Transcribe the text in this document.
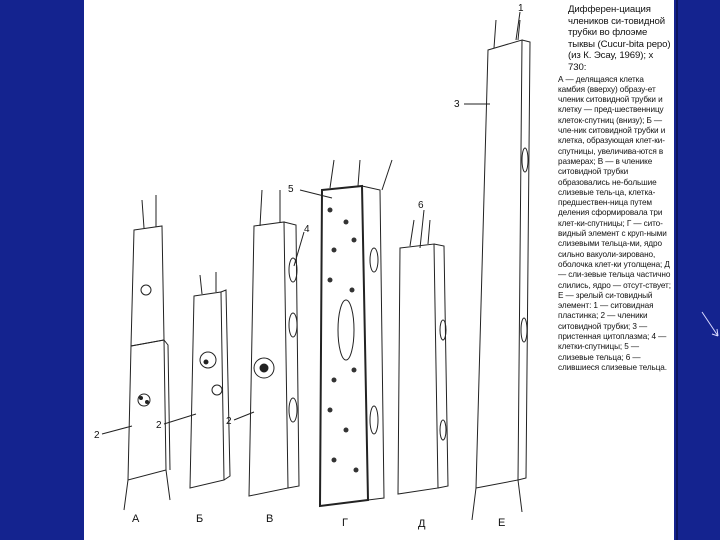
1
3
5
4
6
2
2	2
А	Б	В	Г	Д	Е
Дифферен-циация члеников си-товидной трубки во флоэме тыквы (Cucur-bita pepo) (из К. Эсау, 1969); х 730:
А — делящаяся клетка камбия (вверху) образу-ет членик ситовидной трубки и клетку — пред-шественницу клеток-спутниц (внизу); Б — чле-ник ситовидной трубки и клетка, образующая клет-ки-спутницы, увеличива-ются в размерах; В — в членике ситовидной трубки образовались не-большие слизевые тель-ца, клетка-предшествен-ница путем деления сформировала три клет-ки-спутницы; Г — сито-видный элемент с круп-ными слизевыми тельца-ми, ядро сильно вакуоли-зировано, оболочка клет-ки утолщена; Д — сли-зевые тельца частично слились, ядро — отсут-ствует; Е — зрелый си-товидный элемент: 1 — ситовидная пластинка; 2 — членики ситовидной трубки; 3 — пристенная цитоплазма; 4 — клетки-спутницы; 5 — слизевые тельца; 6 — слившиеся слизевые тельца.
